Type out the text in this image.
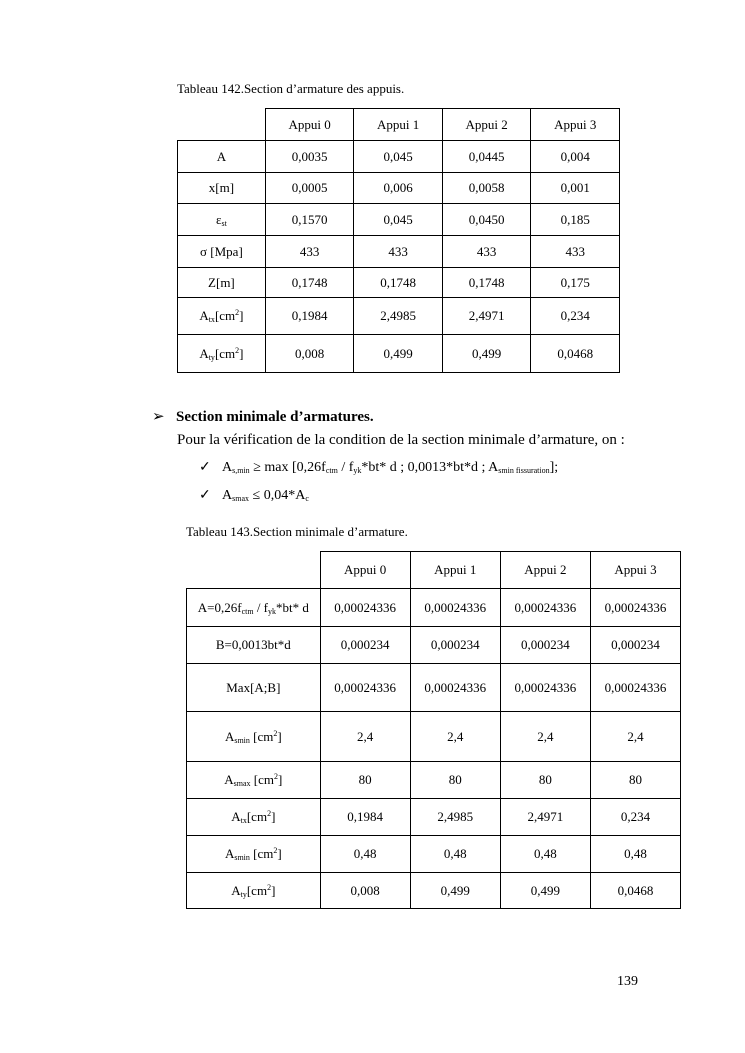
Tableau 142.Section d’armature des appuis.
	Appui 0	Appui 1	Appui 2	Appui 3
A	0,0035	0,045	0,0445	0,004
x[m]	0,0005	0,006	0,0058	0,001
$\varepsilon_{st}$	0,1570	0,045	0,0450	0,185
σ [Mpa]	433	433	433	433
Z[m]	0,1748	0,1748	0,1748	0,175
$A_{tx}[cm^2]$	0,1984	2,4985	2,4971	0,234
$A_{ty}[cm^2]$	0,008	0,499	0,499	0,0468
➢ Section minimale d’armatures.
Pour la vérification de la condition de la section minimale d’armature, on :
✓ $A_{s,min} \ge \max [0,26f_{ctm} / f_{yk}*bt*$ d ; 0,0013*bt*d ; $A_{smin fissuration}$];
✓ $A_{smax} \le 0,04*A_c$
Tableau 143.Section minimale d’armature.
	Appui 0	Appui 1	Appui 2	Appui 3
$A=0,26f_{ctm} / f_{yk}*bt*$ d	0,00024336	0,00024336	0,00024336	0,00024336
B=0,0013bt*d	0,000234	0,000234	0,000234	0,000234
Max[A;B]	0,00024336	0,00024336	0,00024336	0,00024336
$A_{smin}$ $[cm^2]$	2,4	2,4	2,4	2,4
$A_{smax}$ $[cm^2]$	80	80	80	80
$A_{tx}[cm^2]$	0,1984	2,4985	2,4971	0,234
$A_{smin}$ $[cm^2]$	0,48	0,48	0,48	0,48
$A_{ty}[cm^2]$	0,008	0,499	0,499	0,0468
139
